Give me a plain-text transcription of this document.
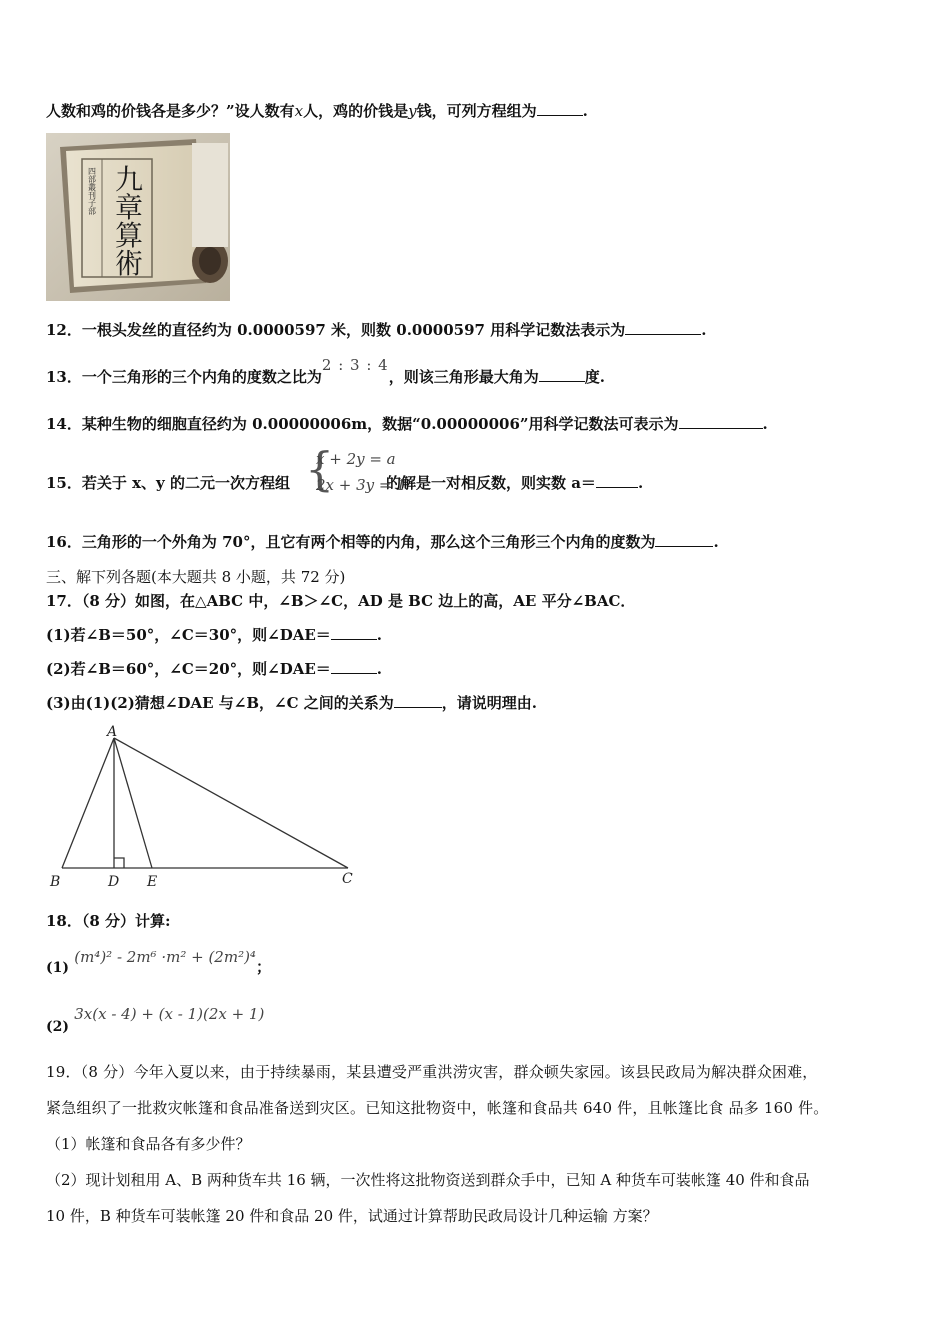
人数和鸡的价钱各是多少？”设人数有x人，鸡的价钱是y钱，可列方程组为	.
九
章
算
術
四部叢刊子部
12．一根头发丝的直径约为 0.0000597 米，则数 0.0000597 用科学记数法表示为	.
13．一个三角形的三个内角的度数之比为2 : 3 : 4，则该三角形最大角为	度.
14．某种生物的细胞直径约为 0.00000006m，数据“0.00000006”用科学记数法可表示为	.
15．若关于 x、y 的二元一次方程组	的解是一对相反数，则实数 a＝	.
{
x + 2y = a
2x + 3y = 1
16．三角形的一个外角为 70°，且它有两个相等的内角，那么这个三角形三个内角的度数为	.
三、解下列各题(本大题共 8 小题，共 72 分)
17．（8 分）如图，在△ABC 中，∠B＞∠C，AD 是 BC 边上的高，AE 平分∠BAC．
(1)若∠B＝50°，∠C＝30°，则∠DAE＝	.
(2)若∠B＝60°，∠C＝20°，则∠DAE＝	.
(3)由(1)(2)猜想∠DAE 与∠B，∠C 之间的关系为	，请说明理由.
A
B	D E	C
18．（8 分）计算:
(1) (m⁴)² - 2m⁶ ·m² + (2m²)⁴；
(2) 3x(x - 4) + (x - 1)(2x + 1)
19．（8 分）今年入夏以来，由于持续暴雨，某县遭受严重洪涝灾害，群众顿失家园。该县民政局为解决群众困难，
紧急组织了一批救灾帐篷和食品准备送到灾区。已知这批物资中，帐篷和食品共 640 件，且帐篷比食 品多 160 件。
（1）帐篷和食品各有多少件？
（2）现计划租用 A、B 两种货车共 16 辆，一次性将这批物资送到群众手中，已知 A 种货车可装帐篷 40 件和食品
10 件，B 种货车可装帐篷 20 件和食品 20 件，试通过计算帮助民政局设计几种运输 方案？
